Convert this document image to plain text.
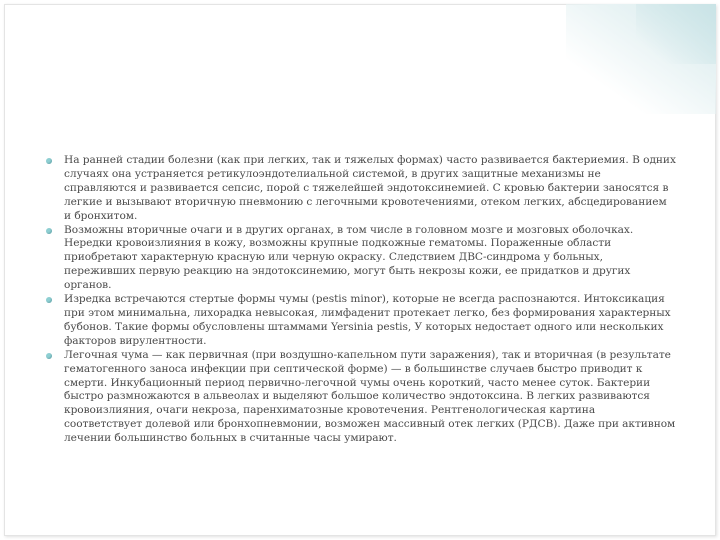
На ранней стадии болезни (как при легких, так и тяжелых формах) часто развивается бактериемия. В одних случаях она устраняется ретикулоэндотелиальной системой, в других защитные механизмы не справляются и развивается сепсис, порой с тяжелейшей эндотоксинемией. С кровью бактерии заносятся в легкие и вызывают вторичную пневмонию с легочными кровотечениями, отеком легких, абсцедированием и бронхитом.
Возможны вторичные очаги и в других органах, в том числе в головном мозге и мозговых оболочках. Нередки кровоизлияния в кожу, возможны крупные подкожные гематомы. Пораженные области приобретают характерную красную или черную окраску. Следствием ДВС-синдрома у больных, переживших первую реакцию на эндотоксинемию, могут быть некрозы кожи, ее придатков и других органов.
Изредка встречаются стертые формы чумы (pestis minor), которые не всегда распознаются. Интоксикация при этом минимальна, лихорадка невысокая, лимфаденит протекает легко, без формирования характерных бубонов. Такие формы обусловлены штаммами Yersinia pestis, У которых недостает одного или нескольких факторов вирулентности.
Легочная чума — как первичная (при воздушно-капельном пути заражения), так и вторичная (в результате гематогенного заноса инфекции при септической форме) — в большинстве случаев быстро приводит к смерти. Инкубационный период первично-легочной чумы очень короткий, часто менее суток. Бактерии быстро размножаются в альвеолах и выделяют большое количество эндотоксина. В легких развиваются кровоизлияния, очаги некроза, паренхиматозные кровотечения. Рентгенологическая картина соответствует долевой или бронхопневмонии, возможен массивный отек легких (РДСВ). Даже при активном лечении большинство больных в считанные часы умирают.
